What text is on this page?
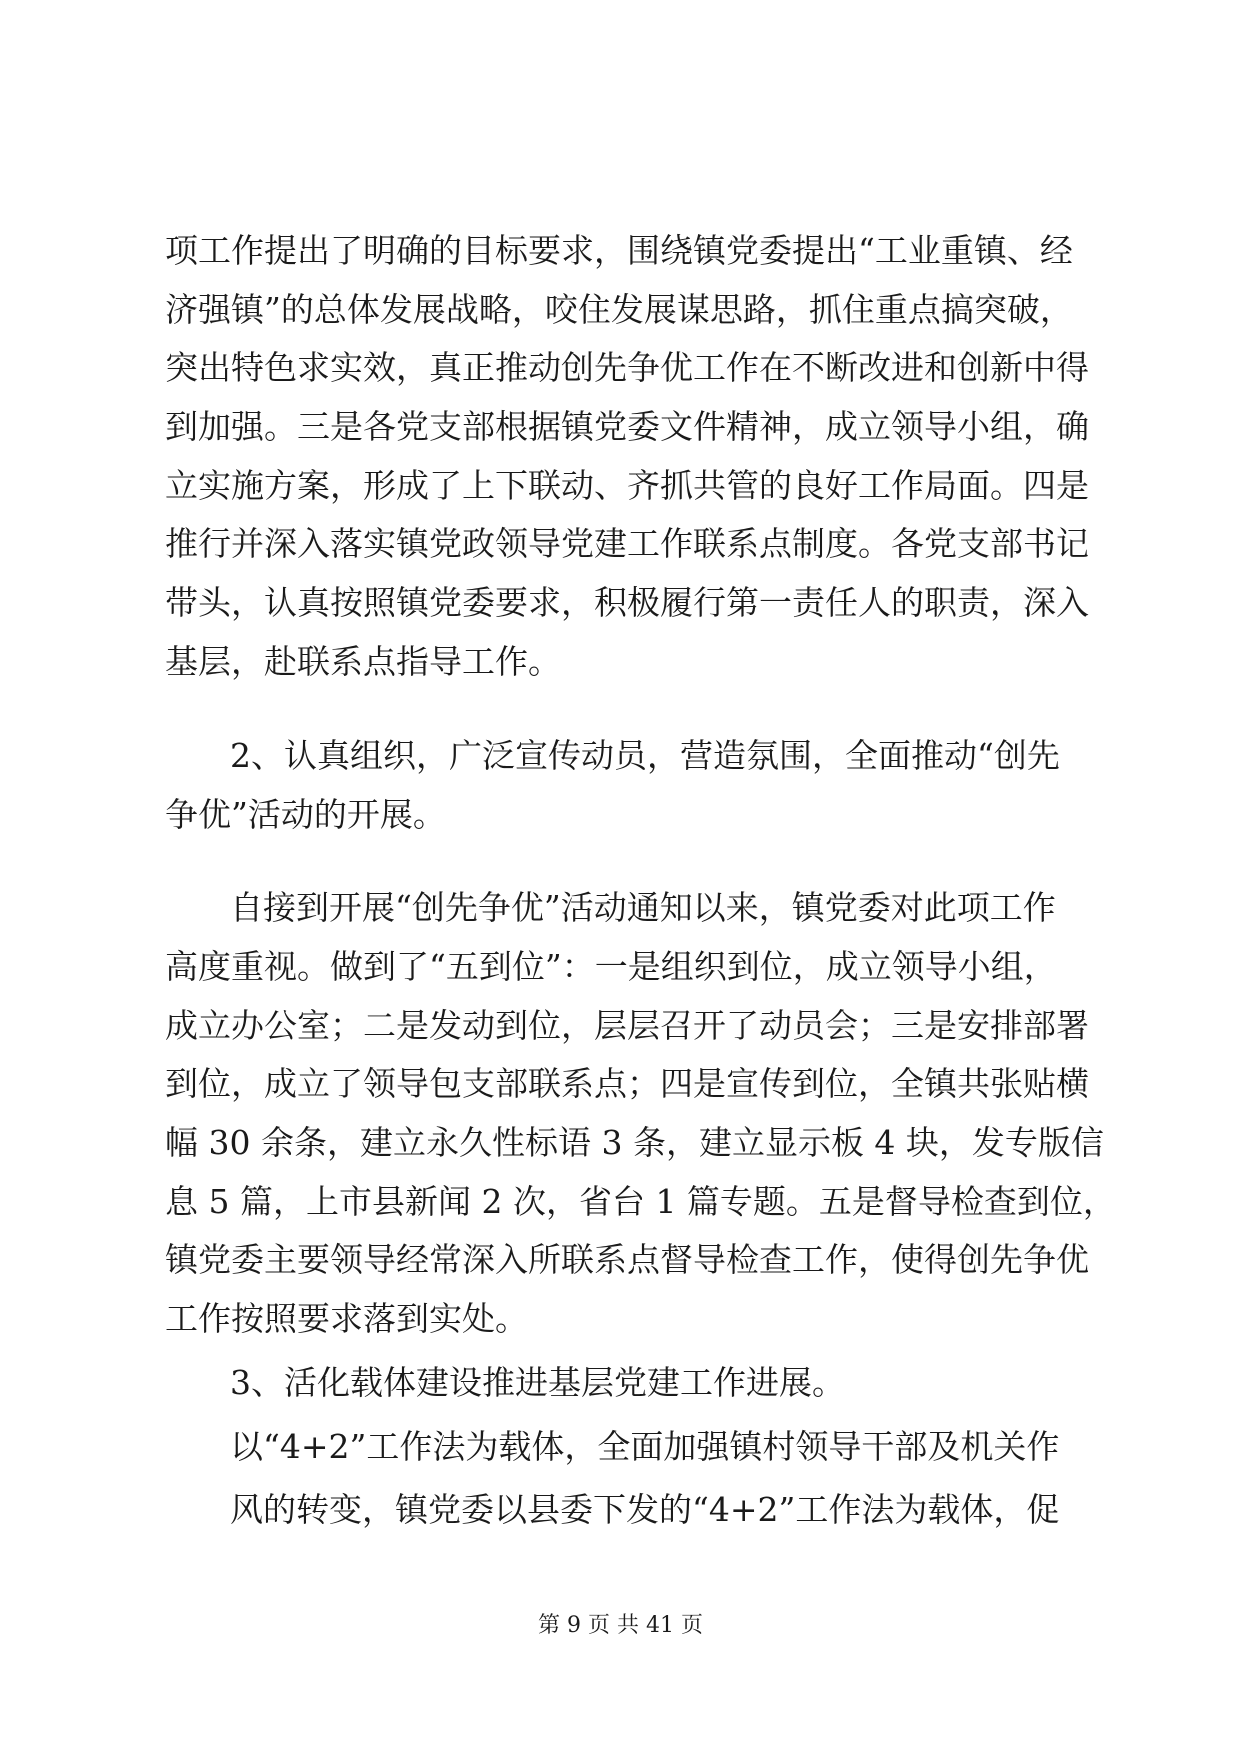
项工作提出了明确的目标要求，围绕镇党委提出“工业重镇、经
济强镇”的总体发展战略，咬住发展谋思路，抓住重点搞突破，
突出特色求实效，真正推动创先争优工作在不断改进和创新中得
到加强。三是各党支部根据镇党委文件精神，成立领导小组，确
立实施方案，形成了上下联动、齐抓共管的良好工作局面。四是
推行并深入落实镇党政领导党建工作联系点制度。各党支部书记
带头，认真按照镇党委要求，积极履行第一责任人的职责，深入
基层，赴联系点指导工作。
2、认真组织，广泛宣传动员，营造氛围，全面推动“创先
争优”活动的开展。
自接到开展“创先争优”活动通知以来，镇党委对此项工作
高度重视。做到了“五到位”：一是组织到位，成立领导小组，
成立办公室；二是发动到位，层层召开了动员会；三是安排部署
到位，成立了领导包支部联系点；四是宣传到位，全镇共张贴横
幅 30 余条，建立永久性标语 3 条，建立显示板 4 块，发专版信
息 5 篇，上市县新闻 2 次，省台 1 篇专题。五是督导检查到位，
镇党委主要领导经常深入所联系点督导检查工作，使得创先争优
工作按照要求落到实处。
3、活化载体建设推进基层党建工作进展。
以“4+2”工作法为载体，全面加强镇村领导干部及机关作
风的转变，镇党委以县委下发的“4+2”工作法为载体，促
第 9 页 共 41 页
